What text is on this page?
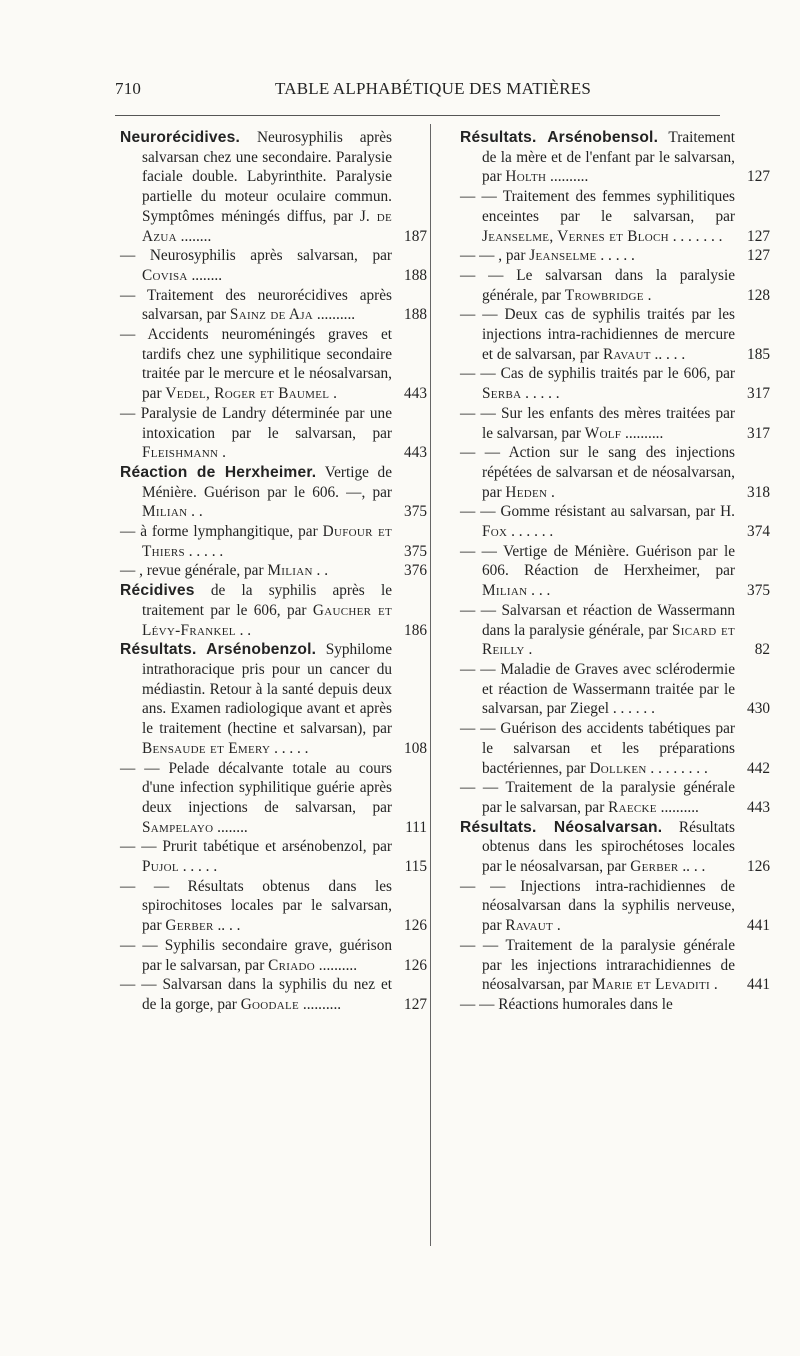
710	TABLE ALPHABÉTIQUE DES MATIÈRES

Neurorécidives. Neurosyphilis après salvarsan chez une secondaire. Paralysie faciale double. Labyrinthite. Paralysie partielle du moteur oculaire commun. Symptômes méningés diffus, par J. de Azua ........	187

— Neurosyphilis après salvarsan, par Covisa ........	188

— Traitement des neurorécidives après salvarsan, par Sainz de Aja ..........	188

— Accidents neuroméningés graves et tardifs chez une syphilitique secondaire traitée par le mercure et le néosalvarsan, par Vedel, Roger et Baumel .	443

— Paralysie de Landry déterminée par une intoxication par le salvarsan, par Fleishmann .	443

Réaction de Herxheimer. Vertige de Ménière. Guérison par le 606. —, par Milian . .	375

— à forme lymphangitique, par Dufour et Thiers . . . . .	375

— , revue générale, par Milian . .	376

Récidives de la syphilis après le traitement par le 606, par Gaucher et Lévy-Frankel . .	186

Résultats. Arsénobenzol. Syphilome intrathoracique pris pour un cancer du médiastin. Retour à la santé depuis deux ans. Examen radiologique avant et après le traitement (hectine et salvarsan), par Bensaude et Emery . . . . .	108

— — Pelade décalvante totale au cours d'une infection syphilitique guérie après deux injections de salvarsan, par Sampelayo ........	111

— — Prurit tabétique et arsénobenzol, par Pujol . . . . .	115

— — Résultats obtenus dans les spirochitoses locales par le salvarsan, par Gerber .. . .	126

— — Syphilis secondaire grave, guérison par le salvarsan, par Criado ..........	126

— — Salvarsan dans la syphilis du nez et de la gorge, par Goodale ..........	127

Résultats. Arsénobensol. Traitement de la mère et de l'enfant par le salvarsan, par Holth ..........	127

— — Traitement des femmes syphilitiques enceintes par le salvarsan, par Jeanselme, Vernes et Bloch . . . . . . .	127

— — , par Jeanselme . . . . .	127

— — Le salvarsan dans la paralysie générale, par Trowbridge .	128

— — Deux cas de syphilis traités par les injections intra-rachidiennes de mercure et de salvarsan, par Ravaut .. . . .	185

— — Cas de syphilis traités par le 606, par Serba . . . . .	317

— — Sur les enfants des mères traitées par le salvarsan, par Wolf ..........	317

— — Action sur le sang des injections répétées de salvarsan et de néosalvarsan, par Heden .	318

— — Gomme résistant au salvarsan, par H. Fox . . . . . .	374

— — Vertige de Ménière. Guérison par le 606. Réaction de Herxheimer, par Milian . . .	375

— — Salvarsan et réaction de Wassermann dans la paralysie générale, par Sicard et Reilly .	82

— — Maladie de Graves avec sclérodermie et réaction de Wassermann traitée par le salvarsan, par Ziegel . . . . . .	430

— — Guérison des accidents tabétiques par le salvarsan et les préparations bactériennes, par Dollken . . . . . . . .	442

— — Traitement de la paralysie générale par le salvarsan, par Raecke ..........	443

Résultats. Néosalvarsan. Résultats obtenus dans les spirochétoses locales par le néosalvarsan, par Gerber .. . .	126

— — Injections intra-rachidiennes de néosalvarsan dans la syphilis nerveuse, par Ravaut .	441

— — Traitement de la paralysie générale par les injections intrarachidiennes de néosalvarsan, par Marie et Levaditi .	441

— — Réactions humorales dans le
